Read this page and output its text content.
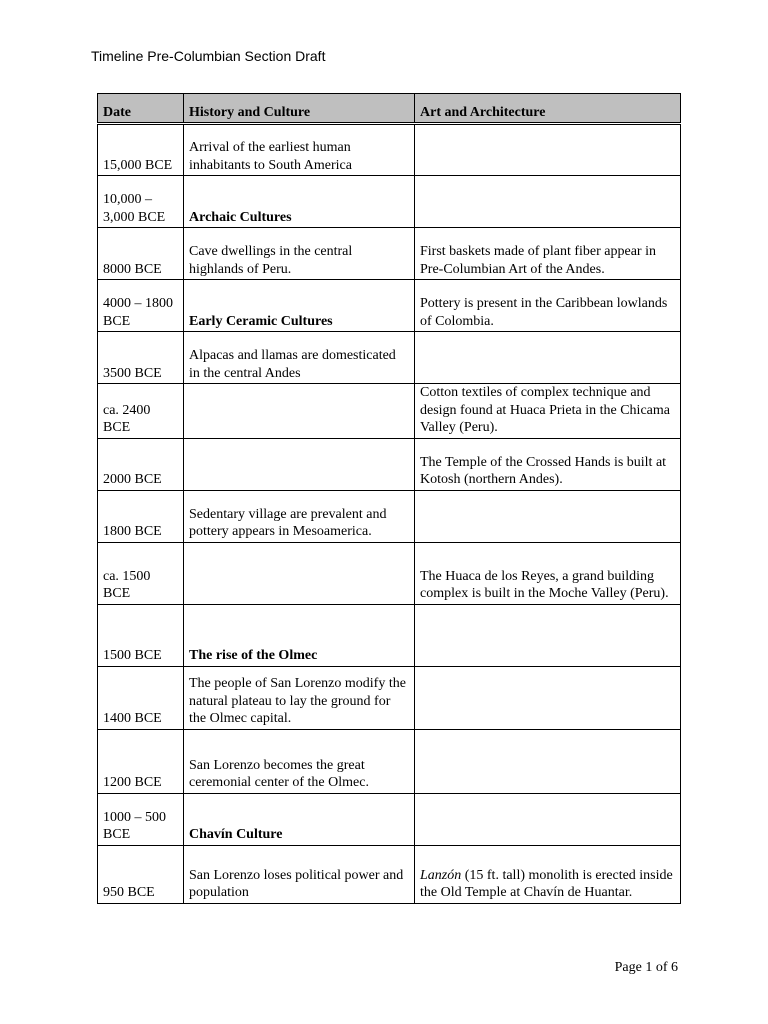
Timeline Pre-Columbian Section Draft
Date	History and Culture	Art and Architecture
15,000 BCE	Arrival of the earliest human inhabitants to South America	
10,000 – 3,000 BCE	Archaic Cultures	
8000 BCE	Cave dwellings in the central highlands of Peru.	First baskets made of plant fiber appear in Pre-Columbian Art of the Andes.
4000 – 1800 BCE	Early Ceramic Cultures	Pottery is present in the Caribbean lowlands of Colombia.
3500 BCE	Alpacas and llamas are domesticated in the central Andes	
ca. 2400 BCE		Cotton textiles of complex technique and design found at Huaca Prieta in the Chicama Valley (Peru).
2000 BCE		The Temple of the Crossed Hands is built at Kotosh (northern Andes).
1800 BCE	Sedentary village are prevalent and pottery appears in Mesoamerica.	
ca. 1500 BCE		The Huaca de los Reyes, a grand building complex is built in the Moche Valley (Peru).
1500 BCE	The rise of the Olmec	
1400 BCE	The people of San Lorenzo modify the natural plateau to lay the ground for the Olmec capital.	
1200 BCE	San Lorenzo becomes the great ceremonial center of the Olmec.	
1000 – 500 BCE	Chavín Culture	
950 BCE	San Lorenzo loses political power and population	Lanzón (15 ft. tall) monolith is erected inside the Old Temple at Chavín de Huantar.
Page 1 of 6
